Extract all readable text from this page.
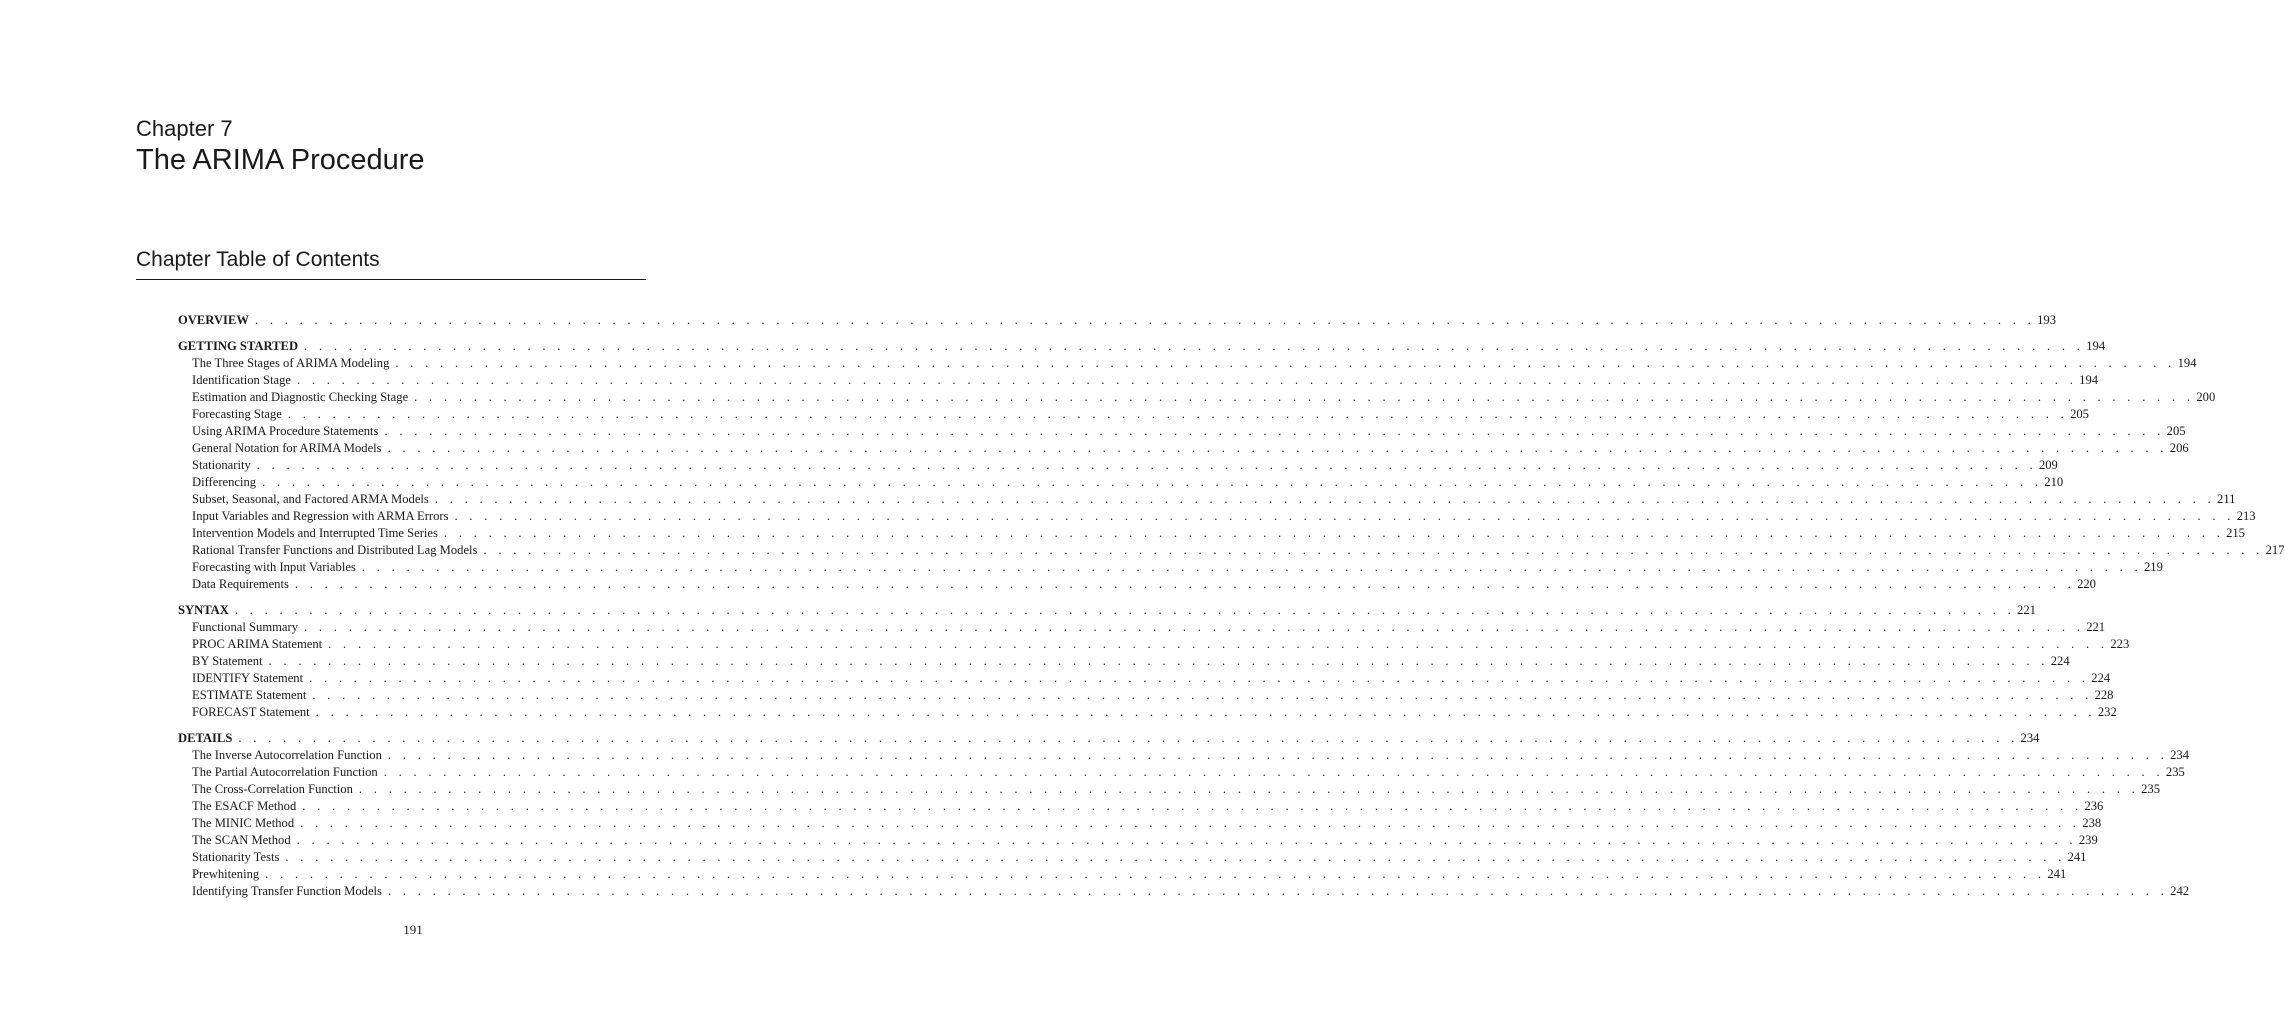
Chapter 7
The ARIMA Procedure
Chapter Table of Contents
OVERVIEW . . . . . . . . . . . . . . . . . . . . . . . . . . . . . . . . . . . . . . . . . . . . . . . . . . . . . . . . . . . . . . . . . . . . . . . . . . . . . . . . . . . . . . . . . . . . . . . . . . . . . . . . . . . . . . . . . . . . . . . . 193
GETTING STARTED . . . . . . . . . . . . . . . . . . . . . . . . . . . . . . . . . . . . . . . . . . . . . . . . . . . . . . . . . . . . . . . . . . . . . . . . . . . . . . . . . . . . . . . . . . . . . . . . . . . . . . . . . . . . . . . . . . . . . . . . 194
The Three Stages of ARIMA Modeling . . . . . . . . . . . . . . . . . . . . . . . . . . . . . . . . . . . . . . . . . . . . . . . . . . . . . . . . . . . . . . . . . . . . . . . . . . . . . . . . . . . . . . . . . . . . . . . . . . . . . . . . . . . . . . . . . . . . . . . . 194
Identification Stage . . . . . . . . . . . . . . . . . . . . . . . . . . . . . . . . . . . . . . . . . . . . . . . . . . . . . . . . . . . . . . . . . . . . . . . . . . . . . . . . . . . . . . . . . . . . . . . . . . . . . . . . . . . . . . . . . . . . . . . . 194
Estimation and Diagnostic Checking Stage . . . . . . . . . . . . . . . . . . . . . . . . . . . . . . . . . . . . . . . . . . . . . . . . . . . . . . . . . . . . . . . . . . . . . . . . . . . . . . . . . . . . . . . . . . . . . . . . . . . . . . . . . . . . . . . . . . . . . . . . 200
Forecasting Stage . . . . . . . . . . . . . . . . . . . . . . . . . . . . . . . . . . . . . . . . . . . . . . . . . . . . . . . . . . . . . . . . . . . . . . . . . . . . . . . . . . . . . . . . . . . . . . . . . . . . . . . . . . . . . . . . . . . . . . . . 205
Using ARIMA Procedure Statements . . . . . . . . . . . . . . . . . . . . . . . . . . . . . . . . . . . . . . . . . . . . . . . . . . . . . . . . . . . . . . . . . . . . . . . . . . . . . . . . . . . . . . . . . . . . . . . . . . . . . . . . . . . . . . . . . . . . . . . . 205
General Notation for ARIMA Models . . . . . . . . . . . . . . . . . . . . . . . . . . . . . . . . . . . . . . . . . . . . . . . . . . . . . . . . . . . . . . . . . . . . . . . . . . . . . . . . . . . . . . . . . . . . . . . . . . . . . . . . . . . . . . . . . . . . . . . . 206
Stationarity . . . . . . . . . . . . . . . . . . . . . . . . . . . . . . . . . . . . . . . . . . . . . . . . . . . . . . . . . . . . . . . . . . . . . . . . . . . . . . . . . . . . . . . . . . . . . . . . . . . . . . . . . . . . . . . . . . . . . . . . 209
Differencing . . . . . . . . . . . . . . . . . . . . . . . . . . . . . . . . . . . . . . . . . . . . . . . . . . . . . . . . . . . . . . . . . . . . . . . . . . . . . . . . . . . . . . . . . . . . . . . . . . . . . . . . . . . . . . . . . . . . . . . . 210
Subset, Seasonal, and Factored ARMA Models . . . . . . . . . . . . . . . . . . . . . . . . . . . . . . . . . . . . . . . . . . . . . . . . . . . . . . . . . . . . . . . . . . . . . . . . . . . . . . . . . . . . . . . . . . . . . . . . . . . . . . . . . . . . . . . . . . . . . . . . 211
Input Variables and Regression with ARMA Errors . . . . . . . . . . . . . . . . . . . . . . . . . . . . . . . . . . . . . . . . . . . . . . . . . . . . . . . . . . . . . . . . . . . . . . . . . . . . . . . . . . . . . . . . . . . . . . . . . . . . . . . . . . . . . . . . . . . . . . . . 213
Intervention Models and Interrupted Time Series . . . . . . . . . . . . . . . . . . . . . . . . . . . . . . . . . . . . . . . . . . . . . . . . . . . . . . . . . . . . . . . . . . . . . . . . . . . . . . . . . . . . . . . . . . . . . . . . . . . . . . . . . . . . . . . . . . . . . . . . 215
Rational Transfer Functions and Distributed Lag Models . . . . . . . . . . . . . . . . . . . . . . . . . . . . . . . . . . . . . . . . . . . . . . . . . . . . . . . . . . . . . . . . . . . . . . . . . . . . . . . . . . . . . . . . . . . . . . . . . . . . . . . . . . . . . . . . . . . . . . . . 217
Forecasting with Input Variables . . . . . . . . . . . . . . . . . . . . . . . . . . . . . . . . . . . . . . . . . . . . . . . . . . . . . . . . . . . . . . . . . . . . . . . . . . . . . . . . . . . . . . . . . . . . . . . . . . . . . . . . . . . . . . . . . . . . . . . . 219
Data Requirements . . . . . . . . . . . . . . . . . . . . . . . . . . . . . . . . . . . . . . . . . . . . . . . . . . . . . . . . . . . . . . . . . . . . . . . . . . . . . . . . . . . . . . . . . . . . . . . . . . . . . . . . . . . . . . . . . . . . . . . . 220
SYNTAX . . . . . . . . . . . . . . . . . . . . . . . . . . . . . . . . . . . . . . . . . . . . . . . . . . . . . . . . . . . . . . . . . . . . . . . . . . . . . . . . . . . . . . . . . . . . . . . . . . . . . . . . . . . . . . . . . . . . . . . . 221
Functional Summary . . . . . . . . . . . . . . . . . . . . . . . . . . . . . . . . . . . . . . . . . . . . . . . . . . . . . . . . . . . . . . . . . . . . . . . . . . . . . . . . . . . . . . . . . . . . . . . . . . . . . . . . . . . . . . . . . . . . . . . . 221
PROC ARIMA Statement . . . . . . . . . . . . . . . . . . . . . . . . . . . . . . . . . . . . . . . . . . . . . . . . . . . . . . . . . . . . . . . . . . . . . . . . . . . . . . . . . . . . . . . . . . . . . . . . . . . . . . . . . . . . . . . . . . . . . . . . 223
BY Statement . . . . . . . . . . . . . . . . . . . . . . . . . . . . . . . . . . . . . . . . . . . . . . . . . . . . . . . . . . . . . . . . . . . . . . . . . . . . . . . . . . . . . . . . . . . . . . . . . . . . . . . . . . . . . . . . . . . . . . . . 224
IDENTIFY Statement . . . . . . . . . . . . . . . . . . . . . . . . . . . . . . . . . . . . . . . . . . . . . . . . . . . . . . . . . . . . . . . . . . . . . . . . . . . . . . . . . . . . . . . . . . . . . . . . . . . . . . . . . . . . . . . . . . . . . . . . 224
ESTIMATE Statement . . . . . . . . . . . . . . . . . . . . . . . . . . . . . . . . . . . . . . . . . . . . . . . . . . . . . . . . . . . . . . . . . . . . . . . . . . . . . . . . . . . . . . . . . . . . . . . . . . . . . . . . . . . . . . . . . . . . . . . . 228
FORECAST Statement . . . . . . . . . . . . . . . . . . . . . . . . . . . . . . . . . . . . . . . . . . . . . . . . . . . . . . . . . . . . . . . . . . . . . . . . . . . . . . . . . . . . . . . . . . . . . . . . . . . . . . . . . . . . . . . . . . . . . . . . 232
DETAILS . . . . . . . . . . . . . . . . . . . . . . . . . . . . . . . . . . . . . . . . . . . . . . . . . . . . . . . . . . . . . . . . . . . . . . . . . . . . . . . . . . . . . . . . . . . . . . . . . . . . . . . . . . . . . . . . . . . . . . . . 234
The Inverse Autocorrelation Function . . . . . . . . . . . . . . . . . . . . . . . . . . . . . . . . . . . . . . . . . . . . . . . . . . . . . . . . . . . . . . . . . . . . . . . . . . . . . . . . . . . . . . . . . . . . . . . . . . . . . . . . . . . . . . . . . . . . . . . . 234
The Partial Autocorrelation Function . . . . . . . . . . . . . . . . . . . . . . . . . . . . . . . . . . . . . . . . . . . . . . . . . . . . . . . . . . . . . . . . . . . . . . . . . . . . . . . . . . . . . . . . . . . . . . . . . . . . . . . . . . . . . . . . . . . . . . . . 235
The Cross-Correlation Function . . . . . . . . . . . . . . . . . . . . . . . . . . . . . . . . . . . . . . . . . . . . . . . . . . . . . . . . . . . . . . . . . . . . . . . . . . . . . . . . . . . . . . . . . . . . . . . . . . . . . . . . . . . . . . . . . . . . . . . . 235
The ESACF Method . . . . . . . . . . . . . . . . . . . . . . . . . . . . . . . . . . . . . . . . . . . . . . . . . . . . . . . . . . . . . . . . . . . . . . . . . . . . . . . . . . . . . . . . . . . . . . . . . . . . . . . . . . . . . . . . . . . . . . . . 236
The MINIC Method . . . . . . . . . . . . . . . . . . . . . . . . . . . . . . . . . . . . . . . . . . . . . . . . . . . . . . . . . . . . . . . . . . . . . . . . . . . . . . . . . . . . . . . . . . . . . . . . . . . . . . . . . . . . . . . . . . . . . . . . 238
The SCAN Method . . . . . . . . . . . . . . . . . . . . . . . . . . . . . . . . . . . . . . . . . . . . . . . . . . . . . . . . . . . . . . . . . . . . . . . . . . . . . . . . . . . . . . . . . . . . . . . . . . . . . . . . . . . . . . . . . . . . . . . . 239
Stationarity Tests . . . . . . . . . . . . . . . . . . . . . . . . . . . . . . . . . . . . . . . . . . . . . . . . . . . . . . . . . . . . . . . . . . . . . . . . . . . . . . . . . . . . . . . . . . . . . . . . . . . . . . . . . . . . . . . . . . . . . . . . 241
Prewhitening . . . . . . . . . . . . . . . . . . . . . . . . . . . . . . . . . . . . . . . . . . . . . . . . . . . . . . . . . . . . . . . . . . . . . . . . . . . . . . . . . . . . . . . . . . . . . . . . . . . . . . . . . . . . . . . . . . . . . . . . 241
Identifying Transfer Function Models . . . . . . . . . . . . . . . . . . . . . . . . . . . . . . . . . . . . . . . . . . . . . . . . . . . . . . . . . . . . . . . . . . . . . . . . . . . . . . . . . . . . . . . . . . . . . . . . . . . . . . . . . . . . . . . . . . . . . . . . 242
191
